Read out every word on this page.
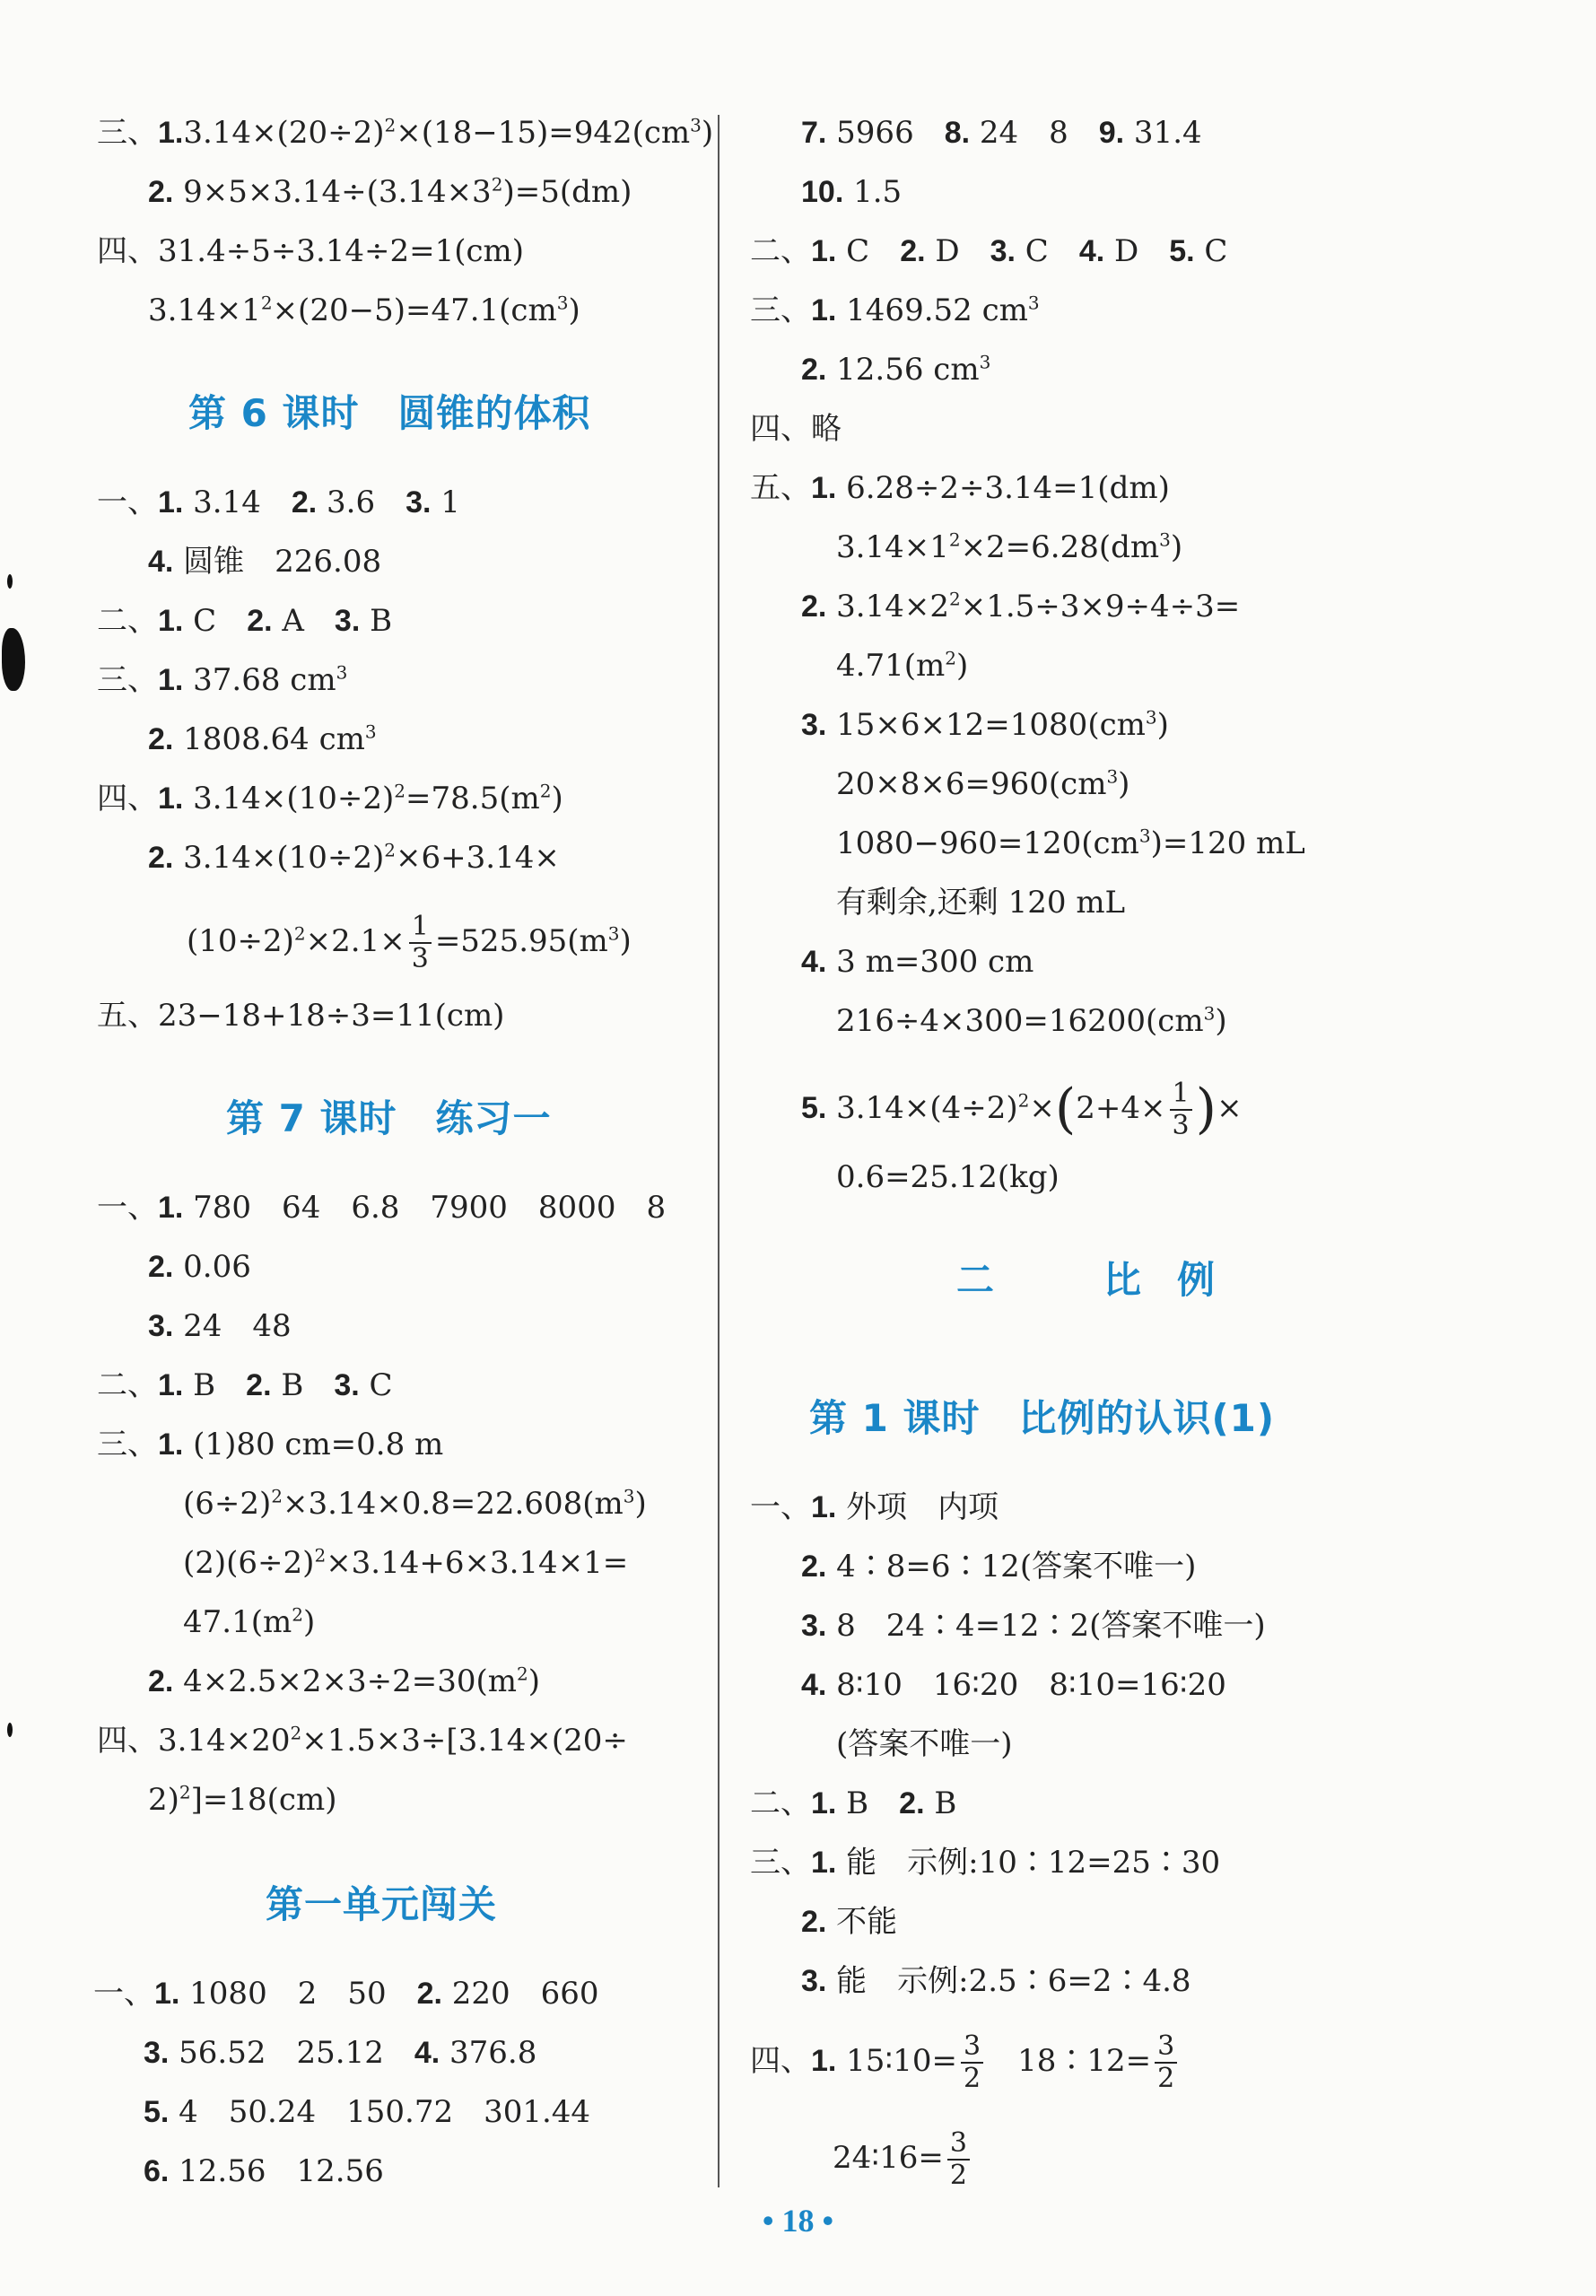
三、$1.3.14\times(20\div 2)^2\times(18-15)=942(cm^3)$
2. $9\times 5\times 3.14\div(3.14\times 3^2)=5(dm)$
四、31.4÷5÷3.14÷2=1(cm)
$3.14\times 1^2\times(20-5)=47.1(cm^3)$
第 6 课时　圆锥的体积
一、1. 3.14　2. 3.6　3. 1
4. 圆锥　226.08
二、1. C　2. A　3. B
三、1. 37.68 $cm^3$
2. 1808.64 $cm^3$
四、1. $3.14\times(10\div 2)^2=78.5(m^2)$
2. $3.14\times(10\div 2)^2\times 6+3.14\times$
$(10\div 2)^2\times 2.1\times \frac{1}{3} =525.95(m^3)$
五、23−18+18÷3=11(cm)
第 7 课时　练习一
一、1. 780　64　6.8　7900　8000　8
2. 0.06
3. 24　48
二、1. B　2. B　3. C
三、1. (1)80 cm=0.8 m
$(6\div 2)^2\times 3.14\times 0.8=22.608(m^3)$
$(2)(6\div 2)^2\times 3.14+6\times 3.14\times 1=$
$47.1(m^2)$
2. $4\times 2.5\times 2\times 3\div 2=30(m^2)$
四、$3.14\times 20^2\times 1.5\times 3\div[3.14\times(20\div$
2)$^2$]=18(cm)
第一单元闯关
一、1. 1080　2　50　2. 220　660
3. 56.52　25.12　4. 376.8
5. 4　50.24　150.72　301.44
6. 12.56　12.56
7. 5966　8. 24　8　9. 31.4
10. 1.5
二、1. C　2. D　3. C　4. D　5. C
三、1. 1469.52 $cm^3$
2. 12.56 $cm^3$
四、略
五、1. 6.28÷2÷3.14=1(dm)
$3.14\times 1^2\times 2=6.28(dm^3)$
2. $3.14\times 2^2\times 1.5\div 3\times 9\div 4\div 3=$
$4.71(m^2)$
3. $15\times 6\times 12=1080(cm^3)$
$20\times 8\times 6=960(cm^3)$
$1080-960=120(cm^3)=120$ mL
有剩余,还剩 120 mL
4. 3 m=300 cm
$216\div 4\times 300=16200(cm^3)$
5. $3.14\times(4\div 2)^2\times(2+4\times \frac{1}{3}$ )×
0.6=25.12(kg)
二　比例
第 1 课时　比例的认识(1)
一、1. 外项　内项
2. 4∶8=6∶12(答案不唯一)
3. 8　24∶4=12∶2(答案不唯一)
4. 8∶10　16∶20　8∶10=16∶20
(答案不唯一)
二、1. B　2. B
三、1. 能　示例:10∶12=25∶30
2. 不能
3. 能　示例:2.5∶6=2∶4.8
四、1. 15∶10= $\frac{3}{2}$ 　18∶12= $\frac{3}{2}$
24∶16= $\frac{3}{2}$
• 18 •
